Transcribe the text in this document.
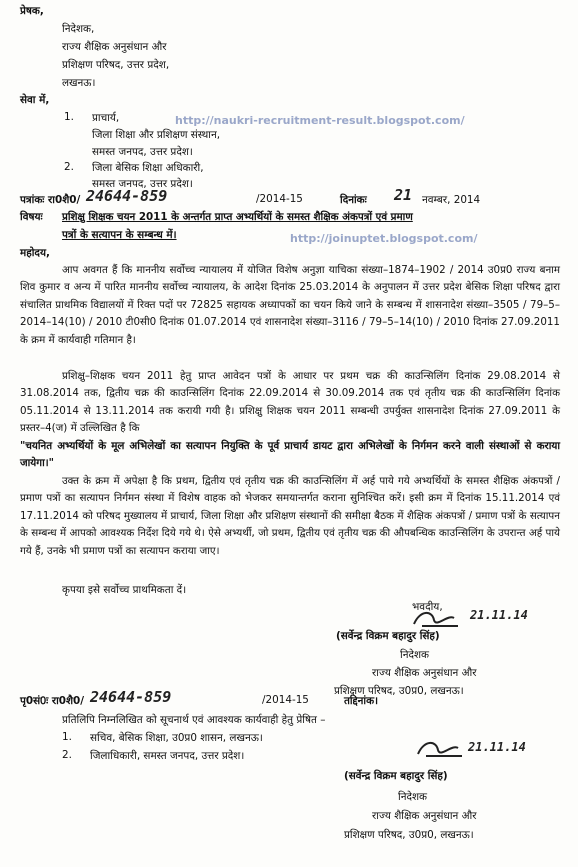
प्रेषक,
निदेशक,
राज्य शैक्षिक अनुसंधान और
प्रशिक्षण परिषद, उत्तर प्रदेश,
लखनऊ।
सेवा में,
1. प्राचार्य,
जिला शिक्षा और प्रशिक्षण संस्थान,
समस्त जनपद, उत्तर प्रदेश।
2. जिला बेसिक शिक्षा अधिकारी,
समस्त जनपद, उत्तर प्रदेश।
http://naukri-recruitment-result.blogspot.com/
पत्रांकः रा0शै0/ 24644-859	/2014-15	दिनांकः 21 नवम्बर, 2014
विषयः प्रशिक्षु शिक्षक चयन 2011 के अन्तर्गत प्राप्त अभ्यर्थियों के समस्त शैक्षिक अंकपत्रों एवं प्रमाण
पत्रों के सत्यापन के सम्बन्ध में।	http://joinuptet.blogspot.com/
महोदय,
आप अवगत हैं कि माननीय सर्वोच्च न्यायालय में योजित विशेष अनुज्ञा याचिका संख्या–1874–1902 / 2014 उ0प्र0 राज्य बनाम शिव कुमार व अन्य में पारित माननीय सर्वोच्च न्यायालय, के आदेश दिनांक 25.03.2014 के अनुपालन में उत्तर प्रदेश बेसिक शिक्षा परिषद द्वारा संचालित प्राथमिक विद्यालयों में रिक्त पदों पर 72825 सहायक अध्यापकों का चयन किये जाने के सम्बन्ध में शासनादेश संख्या–3505 / 79–5–2014–14(10) / 2010 टी0सी0 दिनांक 01.07.2014 एवं शासनादेश संख्या–3116 / 79–5–14(10) / 2010 दिनांक 27.09.2011 के क्रम में कार्यवाही गतिमान है।
प्रशिक्षु–शिक्षक चयन 2011 हेतु प्राप्त आवेदन पत्रों के आधार पर प्रथम चक्र की काउन्सिलिंग दिनांक 29.08.2014 से 31.08.2014 तक, द्वितीय चक्र की काउन्सिलिंग दिनांक 22.09.2014 से 30.09.2014 तक एवं तृतीय चक्र की काउन्सिलिंग दिनांक 05.11.2014 से 13.11.2014 तक करायी गयी है। प्रशिक्षु शिक्षक चयन 2011 सम्बन्धी उपर्युक्त शासनादेश दिनांक 27.09.2011 के प्रस्तर–4(ज) में उल्लिखित है कि
"चयनित अभ्यर्थियों के मूल अभिलेखों का सत्यापन नियुक्ति के पूर्व प्राचार्य डायट द्वारा अभिलेखों के निर्गमन करने वाली संस्थाओं से कराया जायेगा।"
उक्त के क्रम में अपेक्षा है कि प्रथम, द्वितीय एवं तृतीय चक्र की काउन्सिलिंग में अर्ह पाये गये अभ्यर्थियों के समस्त शैक्षिक अंकपत्रों / प्रमाण पत्रों का सत्यापन निर्गमन संस्था में विशेष वाहक को भेजकर समयान्तर्गत कराना सुनिश्चित करें। इसी क्रम में दिनांक 15.11.2014 एवं 17.11.2014 को परिषद मुख्यालय में प्राचार्य, जिला शिक्षा और प्रशिक्षण संस्थानों की समीक्षा बैठक में शैक्षिक अंकपत्रों / प्रमाण पत्रों के सत्यापन के सम्बन्ध में आपको आवश्यक निर्देश दिये गये थे। ऐसे अभ्यर्थी, जो प्रथम, द्वितीय एवं तृतीय चक्र की औपबन्धिक काउन्सिलिंग के उपरान्त अर्ह पाये गये हैं, उनके भी प्रमाण पत्रों का सत्यापन कराया जाए।
कृपया इसे सर्वोच्च प्राथमिकता दें।
भवदीय,
21.11.14
(सर्वेन्द्र विक्रम बहादुर सिंह)
निदेशक
राज्य शैक्षिक अनुसंधान और
प्रशिक्षण परिषद, उ0प्र0, लखनऊ।
पृ0सं0ः रा0शै0/ 24644-859	/2014-15	तद्दिनांक।
प्रतिलिपि निम्नलिखित को सूचनार्थ एवं आवश्यक कार्यवाही हेतु प्रेषित –
1. सचिव, बेसिक शिक्षा, उ0प्र0 शासन, लखनऊ।
2. जिलाधिकारी, समस्त जनपद, उत्तर प्रदेश।
21.11.14
(सर्वेन्द्र विक्रम बहादुर सिंह)
निदेशक
राज्य शैक्षिक अनुसंधान और
प्रशिक्षण परिषद, उ0प्र0, लखनऊ।
